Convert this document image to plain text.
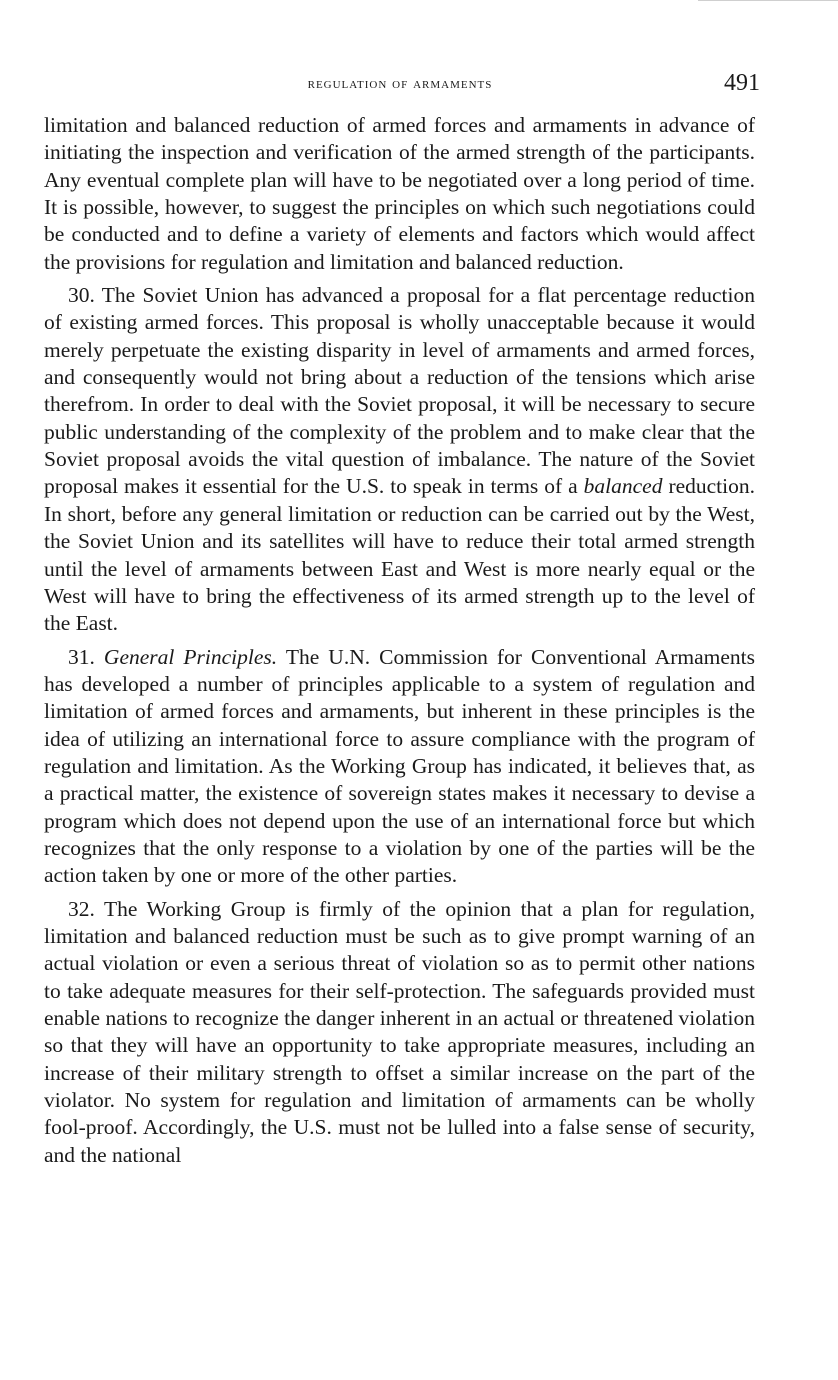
regulation of armaments	491

limitation and balanced reduction of armed forces and armaments in advance of initiating the inspection and verification of the armed strength of the participants. Any eventual complete plan will have to be negotiated over a long period of time. It is possible, however, to suggest the principles on which such negotiations could be conducted and to define a variety of elements and factors which would affect the provisions for regulation and limitation and balanced reduction.

30. The Soviet Union has advanced a proposal for a flat percentage reduction of existing armed forces. This proposal is wholly unacceptable because it would merely perpetuate the existing disparity in level of armaments and armed forces, and consequently would not bring about a reduction of the tensions which arise therefrom. In order to deal with the Soviet proposal, it will be necessary to secure public understanding of the complexity of the problem and to make clear that the Soviet proposal avoids the vital question of imbalance. The nature of the Soviet proposal makes it essential for the U.S. to speak in terms of a balanced reduction. In short, before any general limitation or reduction can be carried out by the West, the Soviet Union and its satellites will have to reduce their total armed strength until the level of armaments between East and West is more nearly equal or the West will have to bring the effectiveness of its armed strength up to the level of the East.

31. General Principles. The U.N. Commission for Conventional Armaments has developed a number of principles applicable to a system of regulation and limitation of armed forces and armaments, but inherent in these principles is the idea of utilizing an international force to assure compliance with the program of regulation and limitation. As the Working Group has indicated, it believes that, as a practical matter, the existence of sovereign states makes it necessary to devise a program which does not depend upon the use of an international force but which recognizes that the only response to a violation by one of the parties will be the action taken by one or more of the other parties.

32. The Working Group is firmly of the opinion that a plan for regulation, limitation and balanced reduction must be such as to give prompt warning of an actual violation or even a serious threat of violation so as to permit other nations to take adequate measures for their self-protection. The safeguards provided must enable nations to recognize the danger inherent in an actual or threatened violation so that they will have an opportunity to take appropriate measures, including an increase of their military strength to offset a similar increase on the part of the violator. No system for regulation and limitation of armaments can be wholly fool-proof. Accordingly, the U.S. must not be lulled into a false sense of security, and the national
